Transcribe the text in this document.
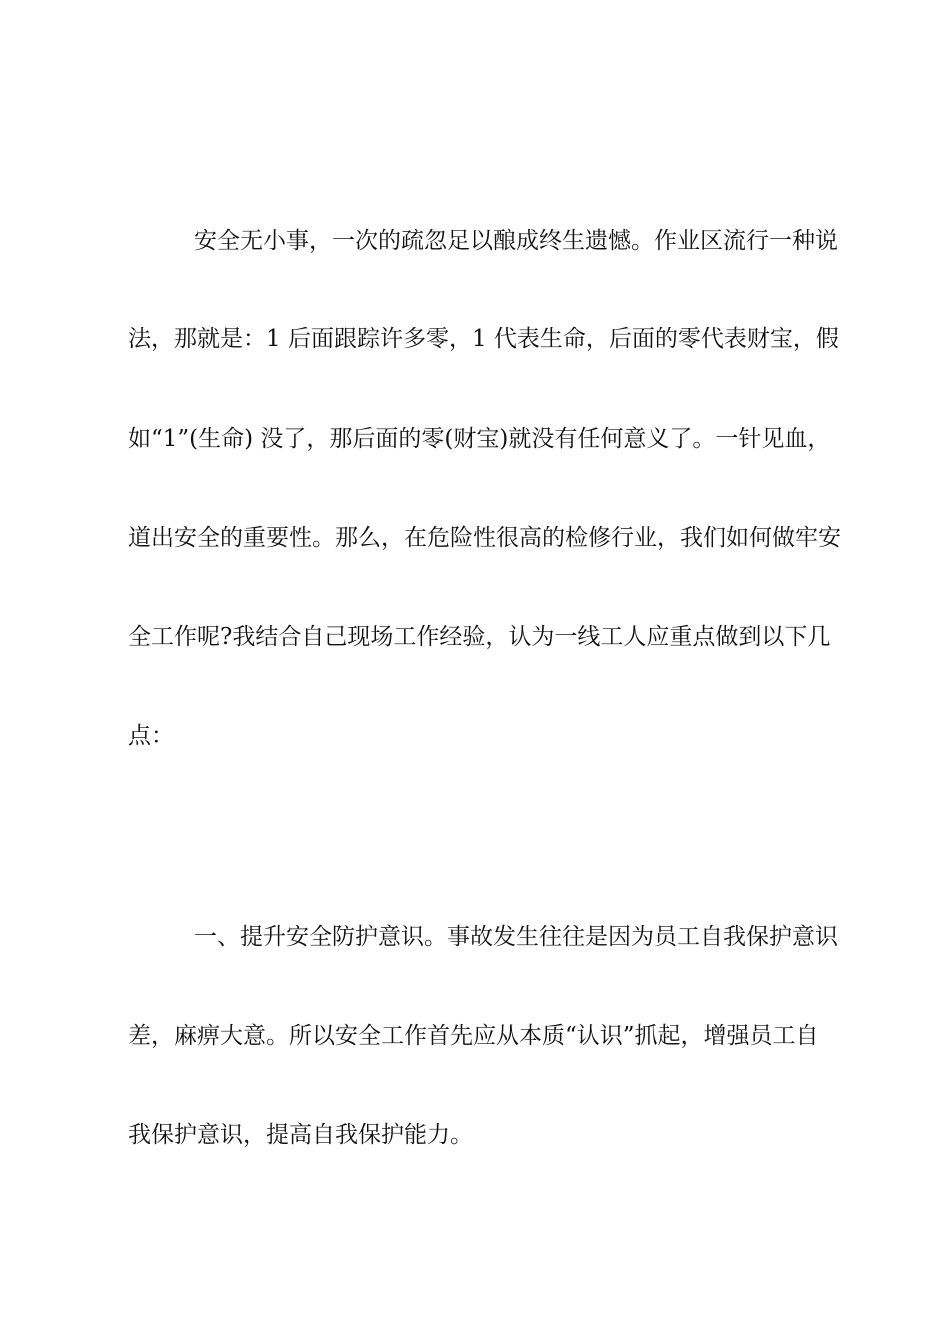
安全无小事，一次的疏忽足以酿成终生遗憾。作业区流行一种说
法，那就是：1 后面跟踪许多零，1 代表生命，后面的零代表财宝，假
如“1”(生命) 没了，那后面的零(财宝)就没有任何意义了。一针见血，
道出安全的重要性。那么，在危险性很高的检修行业，我们如何做牢安
全工作呢?我结合自己现场工作经验，认为一线工人应重点做到以下几
点：
一、提升安全防护意识。事故发生往往是因为员工自我保护意识
差，麻痹大意。所以安全工作首先应从本质“认识”抓起，增强员工自
我保护意识，提高自我保护能力。
